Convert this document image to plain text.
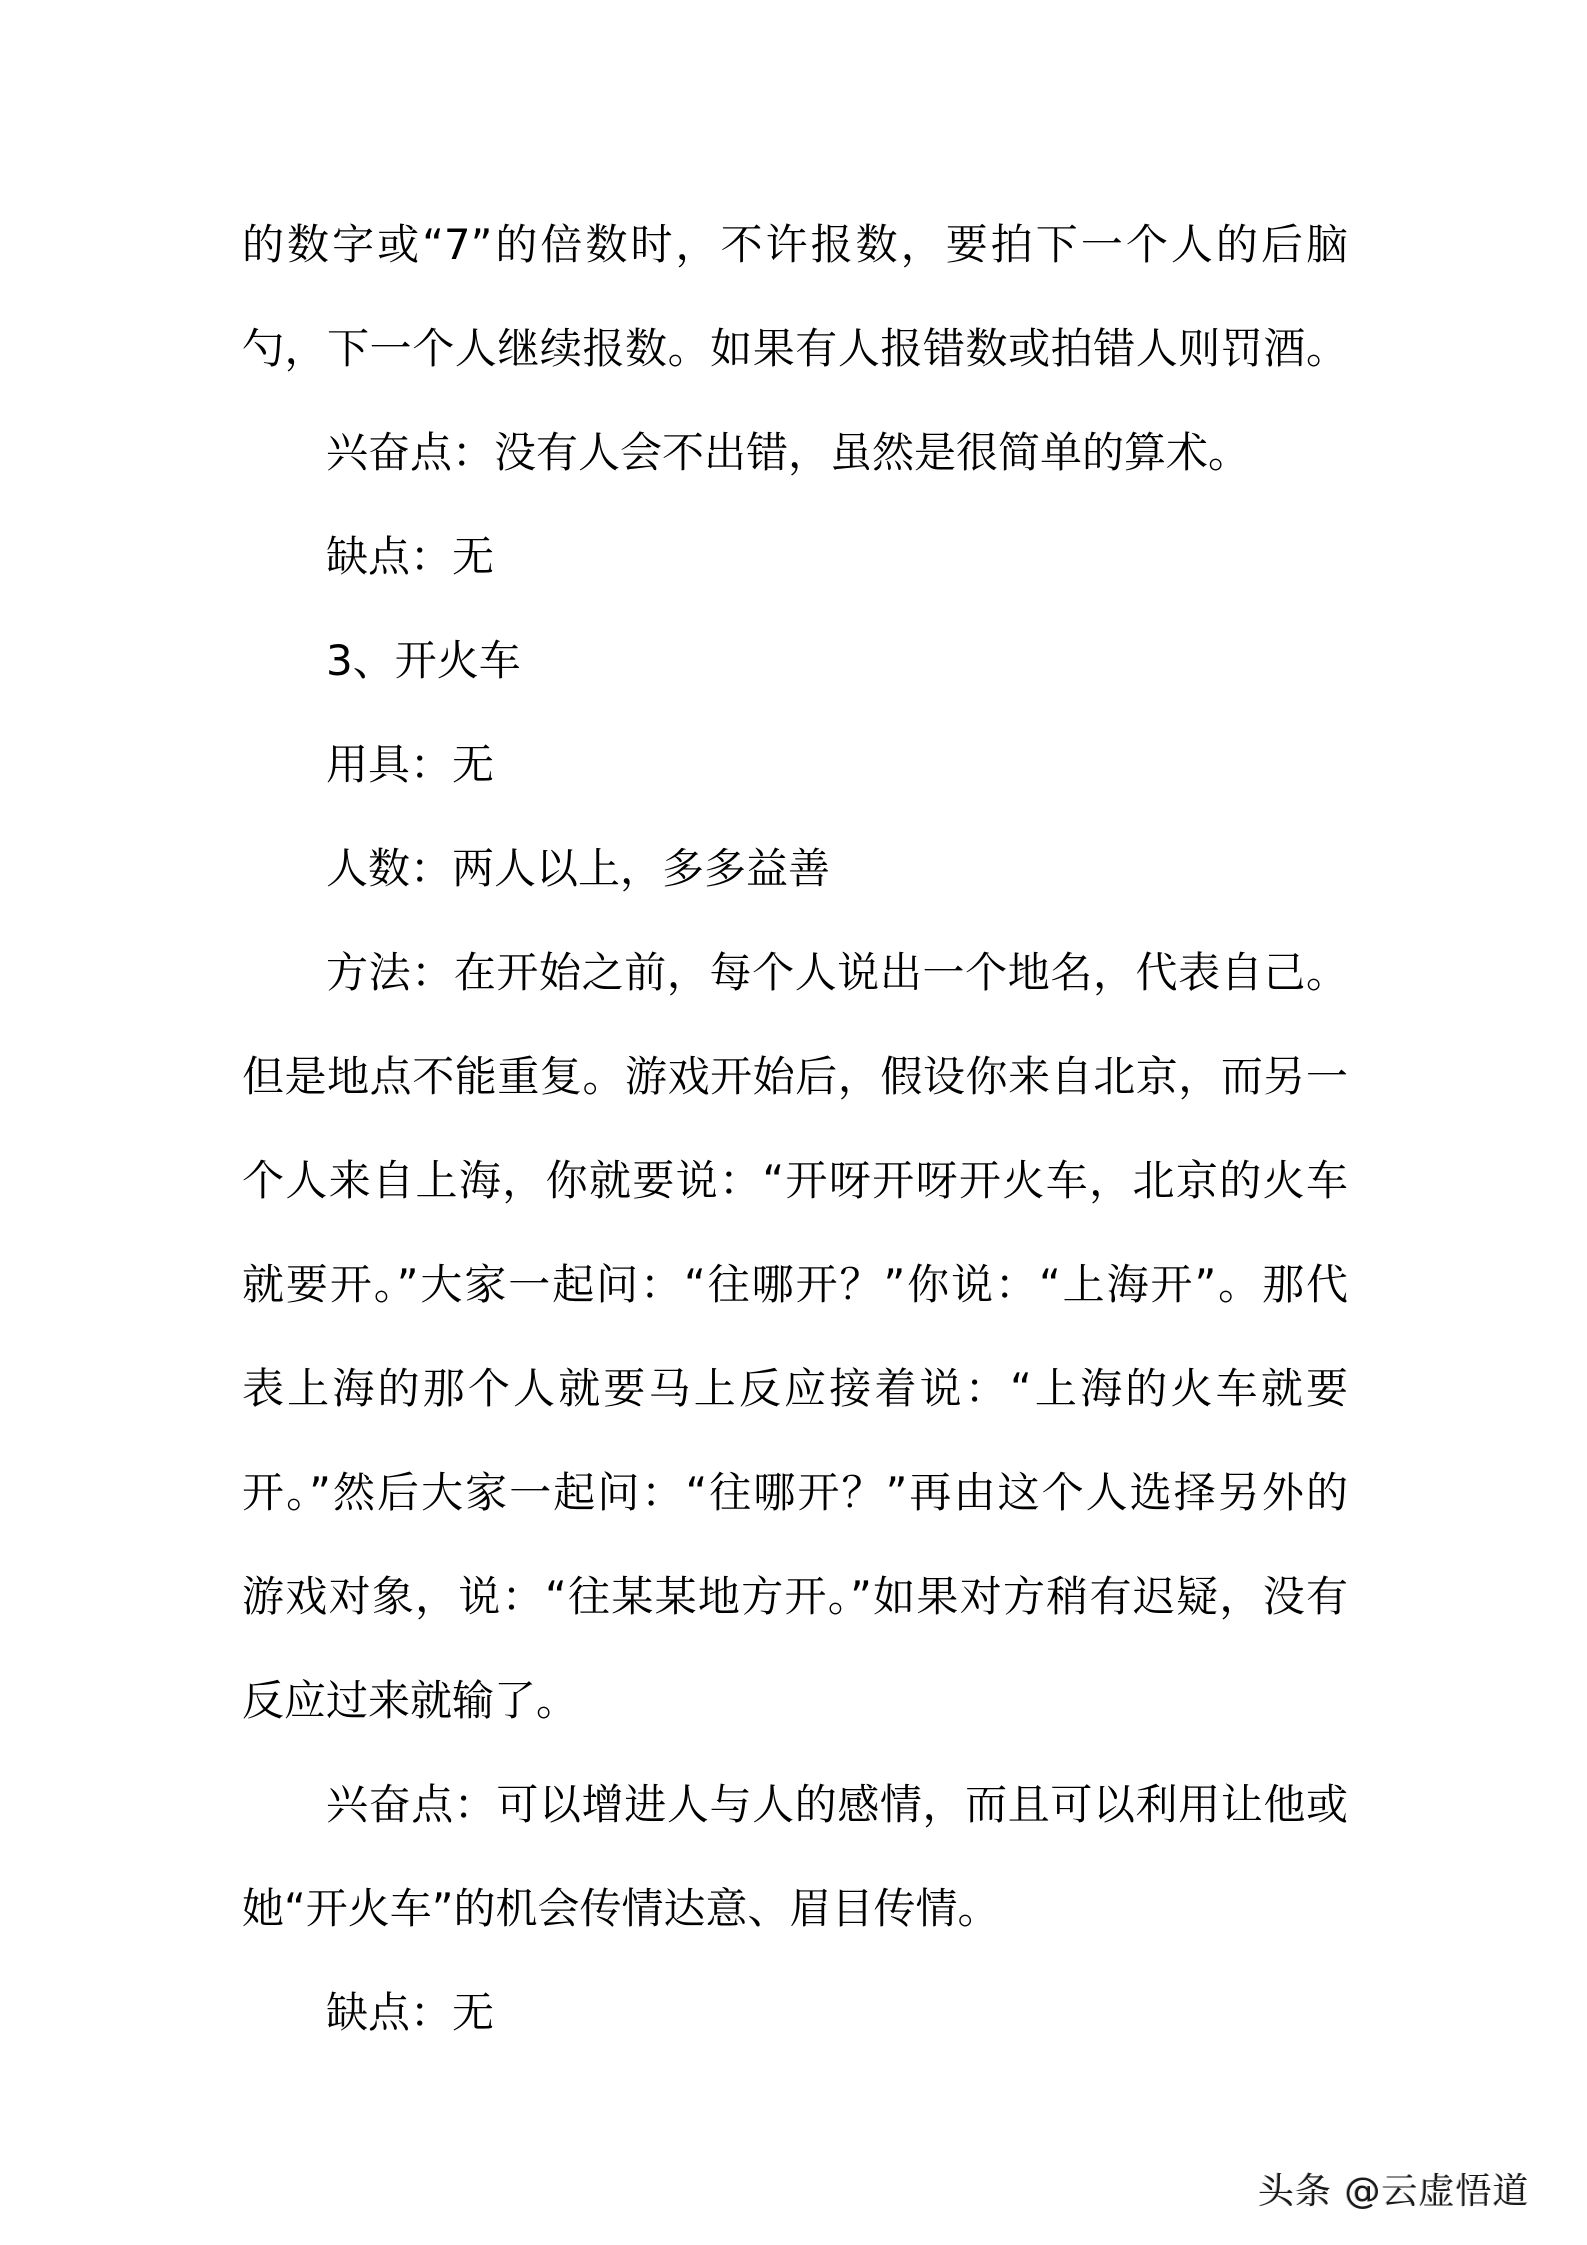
的数字或“7”的倍数时，不许报数，要拍下一个人的后脑
勺，下一个人继续报数。如果有人报错数或拍错人则罚酒。
兴奋点：没有人会不出错，虽然是很简单的算术。
缺点：无
3、开火车
用具：无
人数：两人以上，多多益善
方法：在开始之前，每个人说出一个地名，代表自己。
但是地点不能重复。游戏开始后，假设你来自北京，而另一
个人来自上海，你就要说：“开呀开呀开火车，北京的火车
就要开。”大家一起问：“往哪开？”你说：“上海开”。那代
表上海的那个人就要马上反应接着说：“上海的火车就要
开。”然后大家一起问：“往哪开？”再由这个人选择另外的
游戏对象，说：“往某某地方开。”如果对方稍有迟疑，没有
反应过来就输了。
兴奋点：可以增进人与人的感情，而且可以利用让他或
她“开火车”的机会传情达意、眉目传情。
缺点：无
头条 @云虚悟道
